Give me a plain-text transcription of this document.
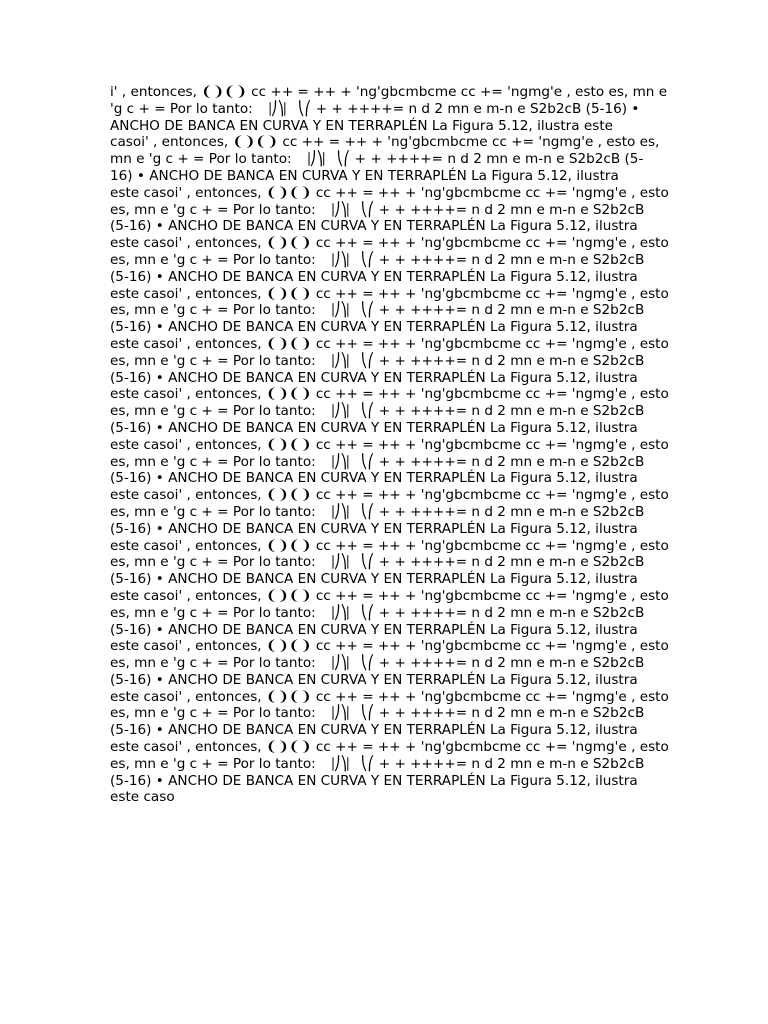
i' , entonces, ❨❩❨❩ cc ++ = ++ + 'ng'gbcmbcme cc += 'ngmg'e , esto es, mn e
'g c + = Por lo tanto: ⎹⎠⎞⎸⎝⎛ + + ++++= n d 2 mn e m-n e S2b2cB (5-16) •
ANCHO DE BANCA EN CURVA Y EN TERRAPLÉN La Figura 5.12, ilustra este
casoi' , entonces, ❨❩❨❩ cc ++ = ++ + 'ng'gbcmbcme cc += 'ngmg'e , esto es,
mn e 'g c + = Por lo tanto: ⎹⎠⎞⎸⎝⎛ + + ++++= n d 2 mn e m-n e S2b2cB (5-
16) • ANCHO DE BANCA EN CURVA Y EN TERRAPLÉN La Figura 5.12, ilustra
este casoi' , entonces, ❨❩❨❩ cc ++ = ++ + 'ng'gbcmbcme cc += 'ngmg'e , esto
es, mn e 'g c + = Por lo tanto: ⎹⎠⎞⎸⎝⎛ + + ++++= n d 2 mn e m-n e S2b2cB
(5-16) • ANCHO DE BANCA EN CURVA Y EN TERRAPLÉN La Figura 5.12, ilustra
este casoi' , entonces, ❨❩❨❩ cc ++ = ++ + 'ng'gbcmbcme cc += 'ngmg'e , esto
es, mn e 'g c + = Por lo tanto: ⎹⎠⎞⎸⎝⎛ + + ++++= n d 2 mn e m-n e S2b2cB
(5-16) • ANCHO DE BANCA EN CURVA Y EN TERRAPLÉN La Figura 5.12, ilustra
este casoi' , entonces, ❨❩❨❩ cc ++ = ++ + 'ng'gbcmbcme cc += 'ngmg'e , esto
es, mn e 'g c + = Por lo tanto: ⎹⎠⎞⎸⎝⎛ + + ++++= n d 2 mn e m-n e S2b2cB
(5-16) • ANCHO DE BANCA EN CURVA Y EN TERRAPLÉN La Figura 5.12, ilustra
este casoi' , entonces, ❨❩❨❩ cc ++ = ++ + 'ng'gbcmbcme cc += 'ngmg'e , esto
es, mn e 'g c + = Por lo tanto: ⎹⎠⎞⎸⎝⎛ + + ++++= n d 2 mn e m-n e S2b2cB
(5-16) • ANCHO DE BANCA EN CURVA Y EN TERRAPLÉN La Figura 5.12, ilustra
este casoi' , entonces, ❨❩❨❩ cc ++ = ++ + 'ng'gbcmbcme cc += 'ngmg'e , esto
es, mn e 'g c + = Por lo tanto: ⎹⎠⎞⎸⎝⎛ + + ++++= n d 2 mn e m-n e S2b2cB
(5-16) • ANCHO DE BANCA EN CURVA Y EN TERRAPLÉN La Figura 5.12, ilustra
este casoi' , entonces, ❨❩❨❩ cc ++ = ++ + 'ng'gbcmbcme cc += 'ngmg'e , esto
es, mn e 'g c + = Por lo tanto: ⎹⎠⎞⎸⎝⎛ + + ++++= n d 2 mn e m-n e S2b2cB
(5-16) • ANCHO DE BANCA EN CURVA Y EN TERRAPLÉN La Figura 5.12, ilustra
este casoi' , entonces, ❨❩❨❩ cc ++ = ++ + 'ng'gbcmbcme cc += 'ngmg'e , esto
es, mn e 'g c + = Por lo tanto: ⎹⎠⎞⎸⎝⎛ + + ++++= n d 2 mn e m-n e S2b2cB
(5-16) • ANCHO DE BANCA EN CURVA Y EN TERRAPLÉN La Figura 5.12, ilustra
este casoi' , entonces, ❨❩❨❩ cc ++ = ++ + 'ng'gbcmbcme cc += 'ngmg'e , esto
es, mn e 'g c + = Por lo tanto: ⎹⎠⎞⎸⎝⎛ + + ++++= n d 2 mn e m-n e S2b2cB
(5-16) • ANCHO DE BANCA EN CURVA Y EN TERRAPLÉN La Figura 5.12, ilustra
este casoi' , entonces, ❨❩❨❩ cc ++ = ++ + 'ng'gbcmbcme cc += 'ngmg'e , esto
es, mn e 'g c + = Por lo tanto: ⎹⎠⎞⎸⎝⎛ + + ++++= n d 2 mn e m-n e S2b2cB
(5-16) • ANCHO DE BANCA EN CURVA Y EN TERRAPLÉN La Figura 5.12, ilustra
este casoi' , entonces, ❨❩❨❩ cc ++ = ++ + 'ng'gbcmbcme cc += 'ngmg'e , esto
es, mn e 'g c + = Por lo tanto: ⎹⎠⎞⎸⎝⎛ + + ++++= n d 2 mn e m-n e S2b2cB
(5-16) • ANCHO DE BANCA EN CURVA Y EN TERRAPLÉN La Figura 5.12, ilustra
este casoi' , entonces, ❨❩❨❩ cc ++ = ++ + 'ng'gbcmbcme cc += 'ngmg'e , esto
es, mn e 'g c + = Por lo tanto: ⎹⎠⎞⎸⎝⎛ + + ++++= n d 2 mn e m-n e S2b2cB
(5-16) • ANCHO DE BANCA EN CURVA Y EN TERRAPLÉN La Figura 5.12, ilustra
este casoi' , entonces, ❨❩❨❩ cc ++ = ++ + 'ng'gbcmbcme cc += 'ngmg'e , esto
es, mn e 'g c + = Por lo tanto: ⎹⎠⎞⎸⎝⎛ + + ++++= n d 2 mn e m-n e S2b2cB
(5-16) • ANCHO DE BANCA EN CURVA Y EN TERRAPLÉN La Figura 5.12, ilustra
este caso
